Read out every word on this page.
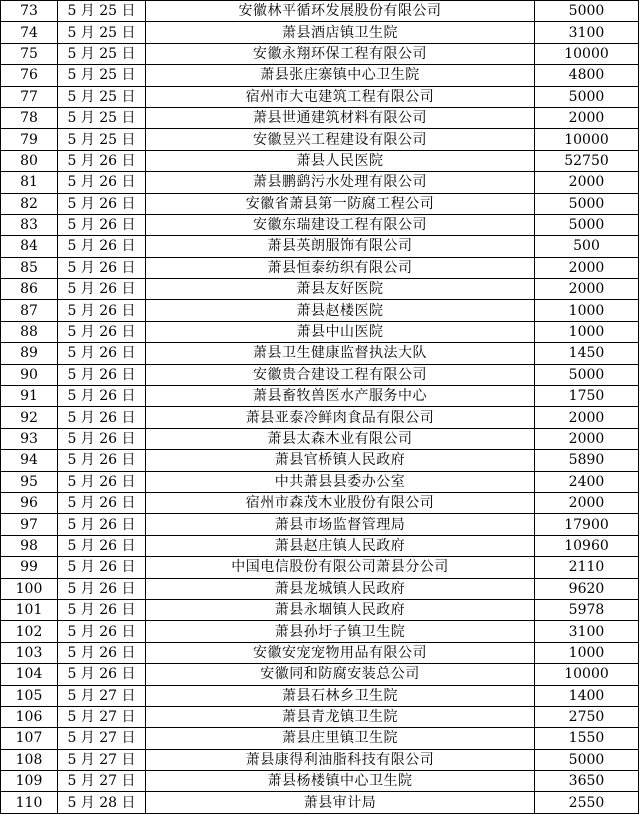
73	5 月 25 日	安徽林平循环发展股份有限公司	5000
74	5 月 25 日	萧县酒店镇卫生院	3100
75	5 月 25 日	安徽永翔环保工程有限公司	10000
76	5 月 25 日	萧县张庄寨镇中心卫生院	4800
77	5 月 25 日	宿州市大屯建筑工程有限公司	5000
78	5 月 25 日	萧县世通建筑材料有限公司	2000
79	5 月 25 日	安徽昱兴工程建设有限公司	10000
80	5 月 26 日	萧县人民医院	52750
81	5 月 26 日	萧县鹏鹞污水处理有限公司	2000
82	5 月 26 日	安徽省萧县第一防腐工程公司	5000
83	5 月 26 日	安徽东瑞建设工程有限公司	5000
84	5 月 26 日	萧县英朗服饰有限公司	500
85	5 月 26 日	萧县恒泰纺织有限公司	2000
86	5 月 26 日	萧县友好医院	2000
87	5 月 26 日	萧县赵楼医院	1000
88	5 月 26 日	萧县中山医院	1000
89	5 月 26 日	萧县卫生健康监督执法大队	1450
90	5 月 26 日	安徽贵合建设工程有限公司	5000
91	5 月 26 日	萧县畜牧兽医水产服务中心	1750
92	5 月 26 日	萧县亚泰冷鲜肉食品有限公司	2000
93	5 月 26 日	萧县太森木业有限公司	2000
94	5 月 26 日	萧县官桥镇人民政府	5890
95	5 月 26 日	中共萧县县委办公室	2400
96	5 月 26 日	宿州市森茂木业股份有限公司	2000
97	5 月 26 日	萧县市场监督管理局	17900
98	5 月 26 日	萧县赵庄镇人民政府	10960
99	5 月 26 日	中国电信股份有限公司萧县分公司	2110
100	5 月 26 日	萧县龙城镇人民政府	9620
101	5 月 26 日	萧县永堌镇人民政府	5978
102	5 月 26 日	萧县孙圩子镇卫生院	3100
103	5 月 26 日	安徽安宠宠物用品有限公司	1000
104	5 月 26 日	安徽同和防腐安装总公司	10000
105	5 月 27 日	萧县石林乡卫生院	1400
106	5 月 27 日	萧县青龙镇卫生院	2750
107	5 月 27 日	萧县庄里镇卫生院	1550
108	5 月 27 日	萧县康得利油脂科技有限公司	5000
109	5 月 27 日	萧县杨楼镇中心卫生院	3650
110	5 月 28 日	萧县审计局	2550
